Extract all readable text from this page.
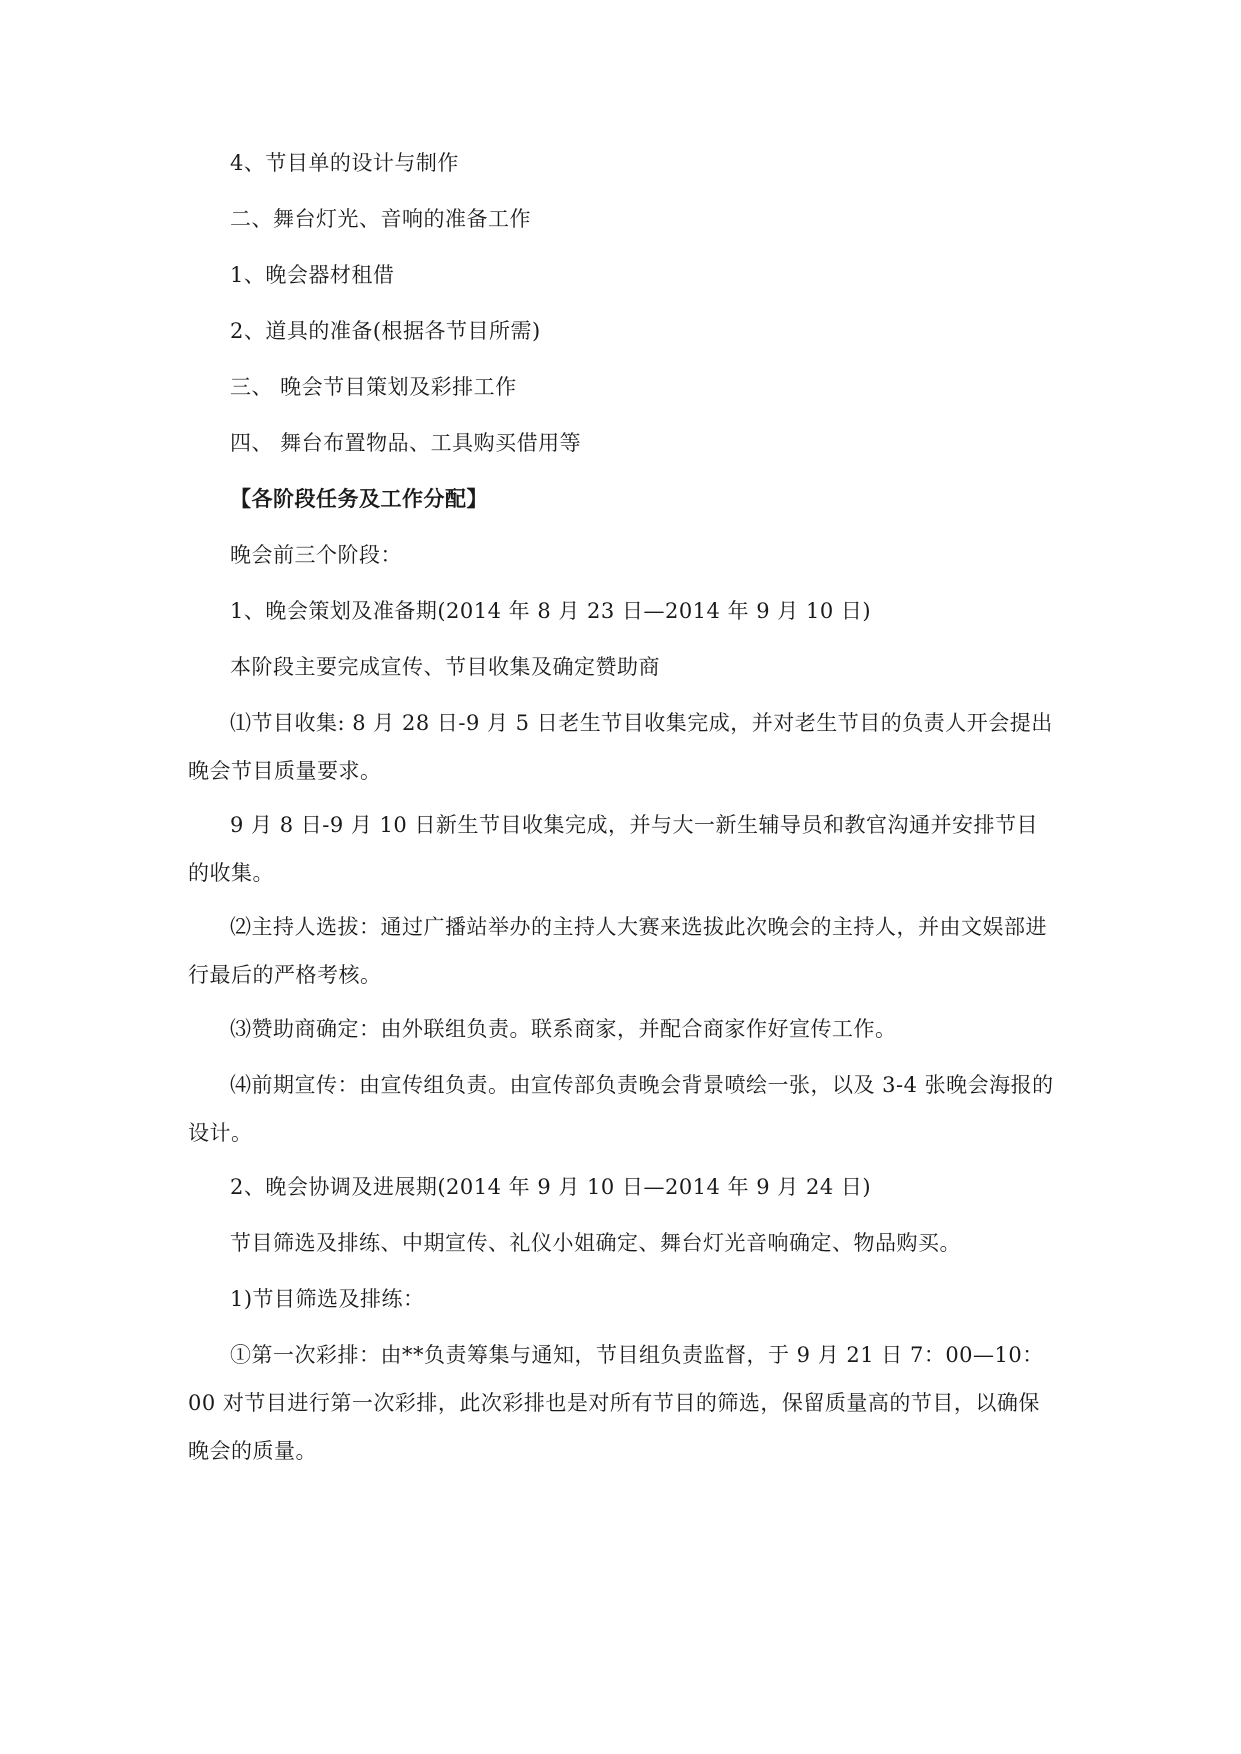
4、节目单的设计与制作

二、舞台灯光、音响的准备工作

1、晚会器材租借

2、道具的准备(根据各节目所需)

三、 晚会节目策划及彩排工作

四、 舞台布置物品、工具购买借用等

【各阶段任务及工作分配】

晚会前三个阶段：

1、晚会策划及准备期(2014 年 8 月 23 日—2014 年 9 月 10 日)

本阶段主要完成宣传、节目收集及确定赞助商

⑴节目收集: 8 月 28 日-9 月 5 日老生节目收集完成，并对老生节目的负责人开会提出晚会节目质量要求。

9 月 8 日-9 月 10 日新生节目收集完成，并与大一新生辅导员和教官沟通并安排节目的收集。

⑵主持人选拔：通过广播站举办的主持人大赛来选拔此次晚会的主持人，并由文娱部进行最后的严格考核。

⑶赞助商确定：由外联组负责。联系商家，并配合商家作好宣传工作。

⑷前期宣传：由宣传组负责。由宣传部负责晚会背景喷绘一张，以及 3-4 张晚会海报的设计。

2、晚会协调及进展期(2014 年 9 月 10 日—2014 年 9 月 24 日)

节目筛选及排练、中期宣传、礼仪小姐确定、舞台灯光音响确定、物品购买。

1)节目筛选及排练：

①第一次彩排：由**负责筹集与通知，节目组负责监督，于 9 月 21 日 7：00—10：00 对节目进行第一次彩排，此次彩排也是对所有节目的筛选，保留质量高的节目，以确保晚会的质量。
